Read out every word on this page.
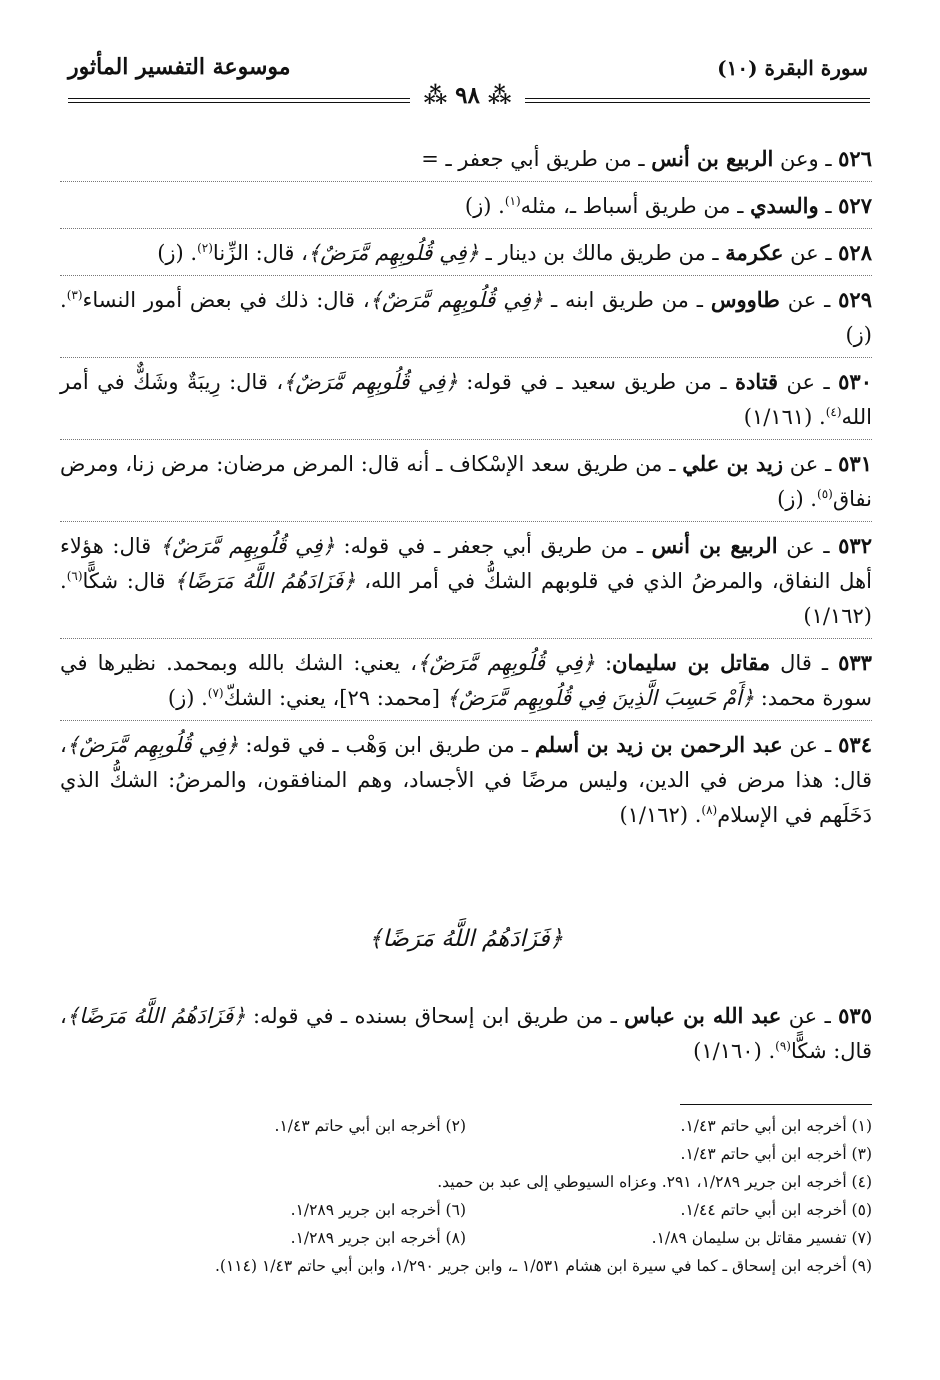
سورة البقرة (١٠)
موسوعة التفسير المأثور
⁂ ٩٨ ⁂

٥٢٦ ـ وعن الربيع بن أنس ـ من طريق أبي جعفر ـ =

٥٢٧ ـ والسدي ـ من طريق أسباط ـ، مثله$^{(١)}$. (ز)

٥٢٨ ـ عن عكرمة ـ من طريق مالك بن دينار ـ ﴿فِي قُلُوبِهِم مَّرَضٌ﴾، قال: الزِّنا$^{(٢)}$. (ز)

٥٢٩ ـ عن طاووس ـ من طريق ابنه ـ ﴿فِي قُلُوبِهِم مَّرَضٌ﴾، قال: ذلك في بعض أمور النساء$^{(٣)}$. (ز)

٥٣٠ ـ عن قتادة ـ من طريق سعيد ـ في قوله: ﴿فِي قُلُوبِهِم مَّرَضٌ﴾، قال: رِيبَةٌ وشَكٌّ في أمر الله$^{(٤)}$. (١/١٦١)

٥٣١ ـ عن زيد بن علي ـ من طريق سعد الإسْكاف ـ أنه قال: المرض مرضان: مرض زنا، ومرض نفاق$^{(٥)}$. (ز)

٥٣٢ ـ عن الربيع بن أنس ـ من طريق أبي جعفر ـ في قوله: ﴿فِي قُلُوبِهِم مَّرَضٌ﴾ قال: هؤلاء أهل النفاق، والمرضُ الذي في قلوبهم الشكُّ في أمر الله، ﴿فَزَادَهُمُ اللَّهُ مَرَضًا﴾ قال: شكًّا$^{(٦)}$. (١/١٦٢)

٥٣٣ ـ قال مقاتل بن سليمان: ﴿فِي قُلُوبِهِم مَّرَضٌ﴾، يعني: الشك بالله وبمحمد. نظيرها في سورة محمد: ﴿أَمْ حَسِبَ الَّذِينَ فِي قُلُوبِهِم مَّرَضٌ﴾ [محمد: ٢٩]، يعني: الشكّ$^{(٧)}$. (ز)

٥٣٤ ـ عن عبد الرحمن بن زيد بن أسلم ـ من طريق ابن وَهْب ـ في قوله: ﴿فِي قُلُوبِهِم مَّرَضٌ﴾، قال: هذا مرض في الدين، وليس مرضًا في الأجساد، وهم المنافقون، والمرضُ: الشكُّ الذي دَخَلَهم في الإسلام$^{(٨)}$. (١/١٦٢)

﴿فَزَادَهُمُ اللَّهُ مَرَضًا﴾

٥٣٥ ـ عن عبد الله بن عباس ـ من طريق ابن إسحاق بسنده ـ في قوله: ﴿فَزَادَهُمُ اللَّهُ مَرَضًا﴾، قال: شكًّا$^{(٩)}$. (١/١٦٠)

(١) أخرجه ابن أبي حاتم ١/٤٣.
(٢) أخرجه ابن أبي حاتم ١/٤٣.
(٣) أخرجه ابن أبي حاتم ١/٤٣.
(٤) أخرجه ابن جرير ١/٢٨٩، ٢٩١. وعزاه السيوطي إلى عبد بن حميد.
(٥) أخرجه ابن أبي حاتم ١/٤٤.
(٦) أخرجه ابن جرير ١/٢٨٩.
(٧) تفسير مقاتل بن سليمان ١/٨٩.
(٨) أخرجه ابن جرير ١/٢٨٩.
(٩) أخرجه ابن إسحاق ـ كما في سيرة ابن هشام ١/٥٣١ ـ، وابن جرير ١/٢٩٠، وابن أبي حاتم ١/٤٣ (١١٤).
